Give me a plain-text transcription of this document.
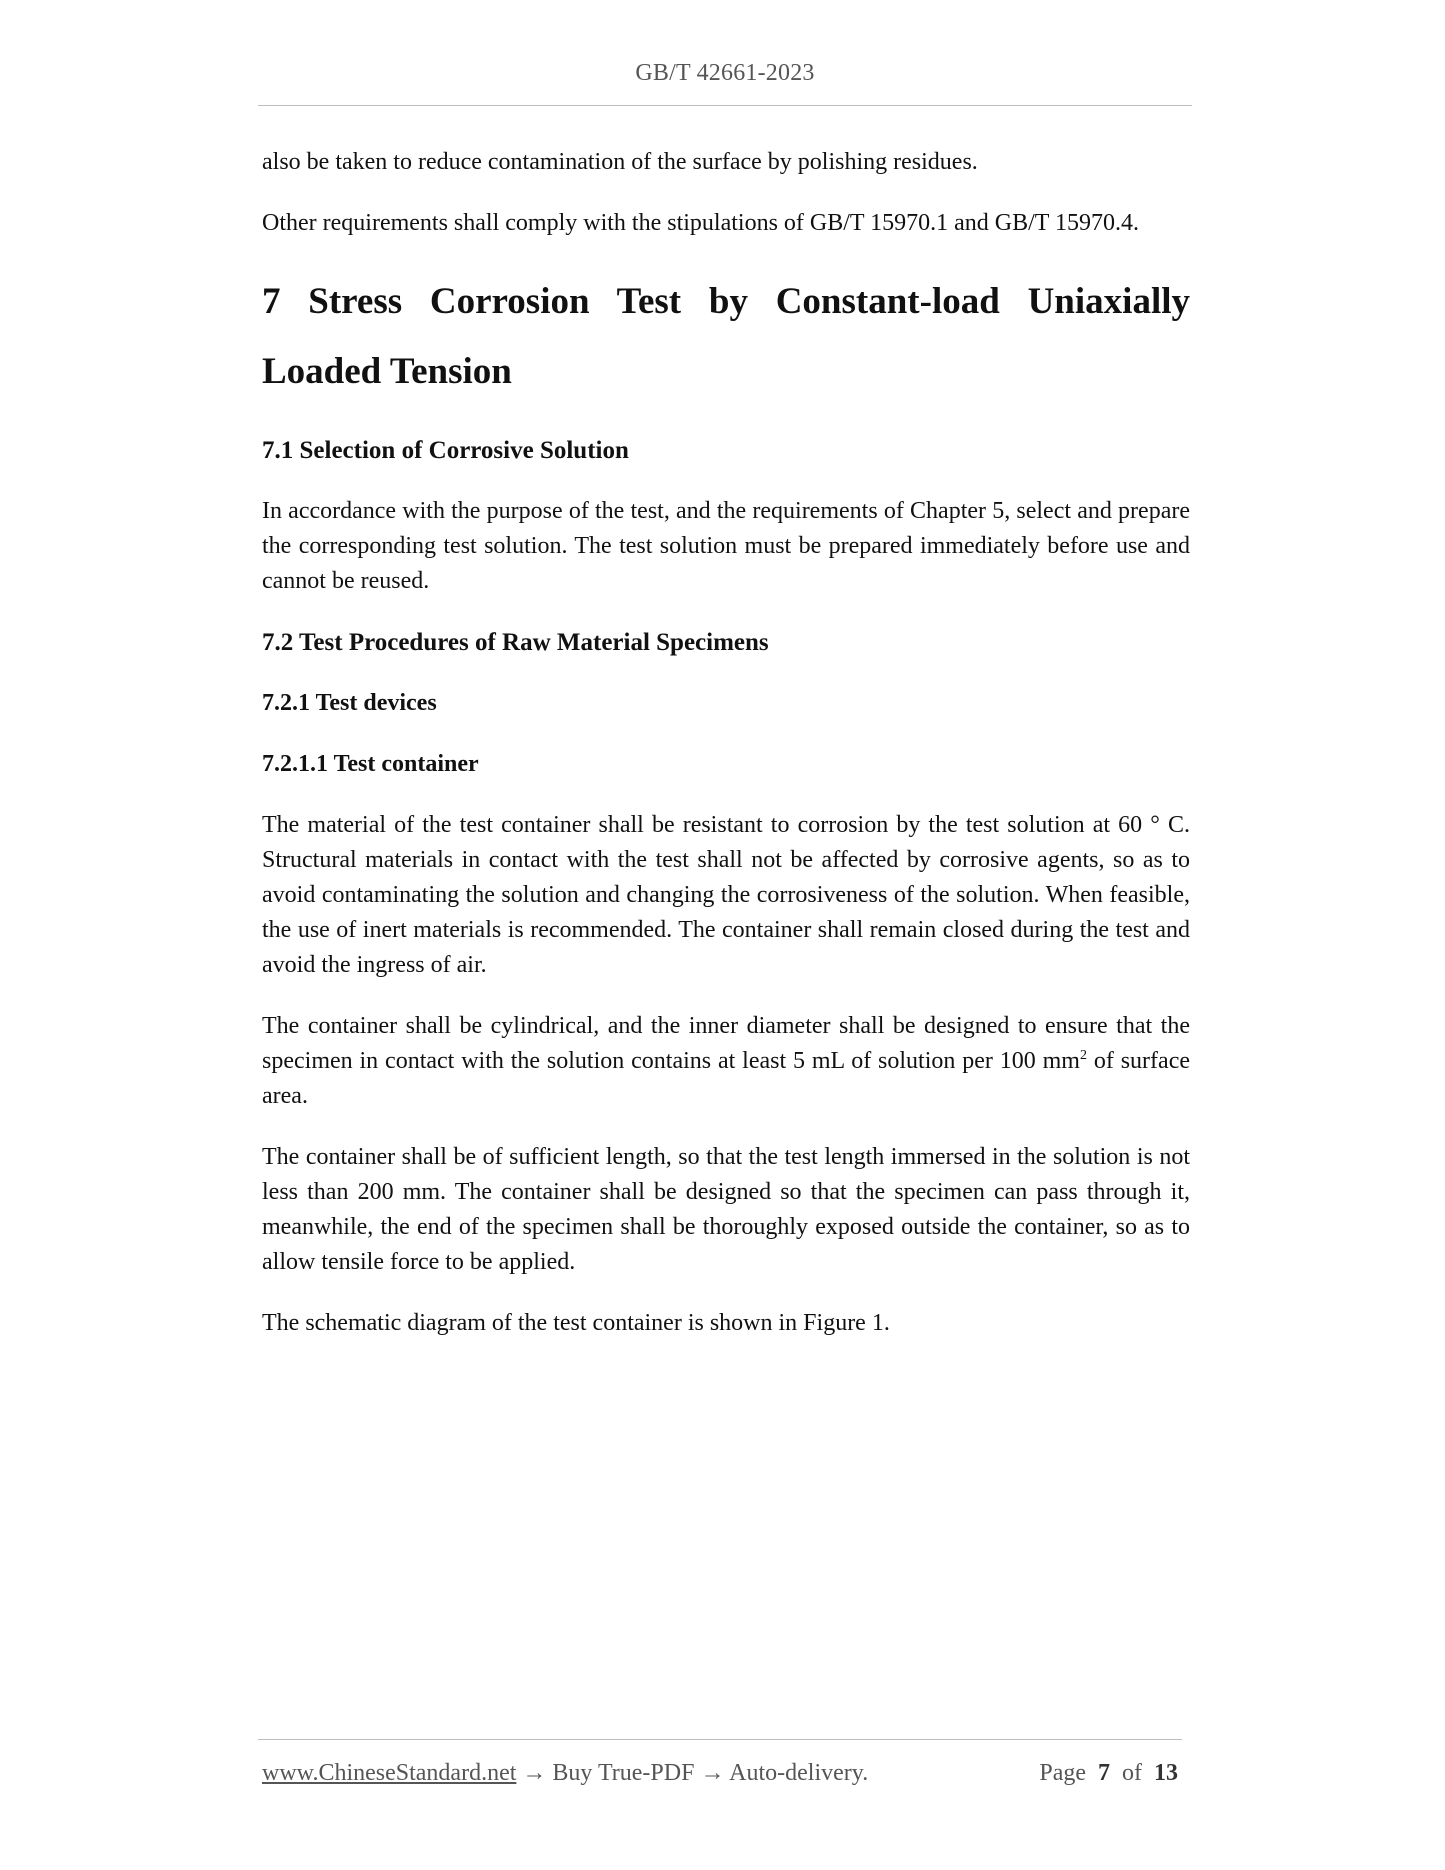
GB/T 42661-2023

also be taken to reduce contamination of the surface by polishing residues.

Other requirements shall comply with the stipulations of GB/T 15970.1 and GB/T 15970.4.

7 Stress Corrosion Test by Constant-load Uniaxially Loaded Tension
7.1 Selection of Corrosive Solution

In accordance with the purpose of the test, and the requirements of Chapter 5, select and prepare the corresponding test solution. The test solution must be prepared immediately before use and cannot be reused.

7.2 Test Procedures of Raw Material Specimens
7.2.1 Test devices
7.2.1.1 Test container

The material of the test container shall be resistant to corrosion by the test solution at 60 ° C. Structural materials in contact with the test shall not be affected by corrosive agents, so as to avoid contaminating the solution and changing the corrosiveness of the solution. When feasible, the use of inert materials is recommended. The container shall remain closed during the test and avoid the ingress of air.

The container shall be cylindrical, and the inner diameter shall be designed to ensure that the specimen in contact with the solution contains at least 5 mL of solution per 100 $mm^2$ of surface area.

The container shall be of sufficient length, so that the test length immersed in the solution is not less than 200 mm. The container shall be designed so that the specimen can pass through it, meanwhile, the end of the specimen shall be thoroughly exposed outside the container, so as to allow tensile force to be applied.

The schematic diagram of the test container is shown in Figure 1.

www.ChineseStandard.net → Buy True-PDF → Auto-delivery.	Page 7 of 13
